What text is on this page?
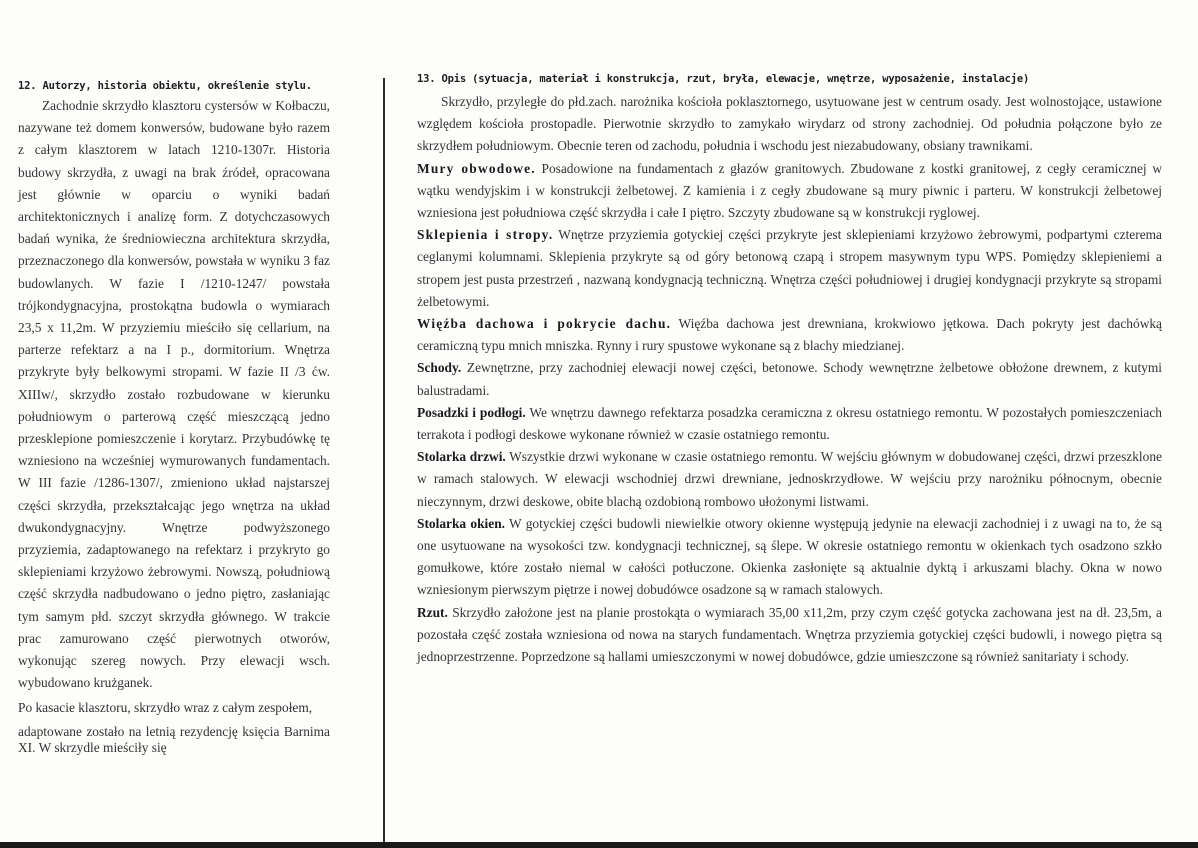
12. Autorzy, historia obiektu, określenie stylu.

Zachodnie skrzydło klasztoru cystersów w Kołbaczu, nazywane też domem konwersów, budowane było razem z całym klasztorem w latach 1210-1307r. Historia budowy skrzydła, z uwagi na brak źródeł, opracowana jest głównie w oparciu o wyniki badań architektonicznych i analizę form. Z dotychczasowych badań wynika, że średniowieczna architektura skrzydła, przeznaczonego dla konwersów, powstała w wyniku 3 faz budowlanych. W fazie I /1210-1247/ powstała trójkondygnacyjna, prostokątna budowla o wymiarach 23,5 x 11,2m. W przyziemiu mieściło się cellarium, na parterze refektarz a na I p., dormitorium. Wnętrza przykryte były belkowymi stropami. W fazie II /3 ćw. XIIIw/, skrzydło zostało rozbudowane w kierunku południowym o parterową część mieszczącą jedno przesklepione pomieszczenie i korytarz. Przybudówkę tę wzniesiono na wcześniej wymurowanych fundamentach. W III fazie /1286-1307/, zmieniono układ najstarszej części skrzydła, przekształcając jego wnętrza na układ dwukondygnacyjny. Wnętrze podwyższonego przyziemia, zadaptowanego na refektarz i przykryto go sklepieniami krzyżowo żebrowymi. Nowszą, południową część skrzydła nadbudowano o jedno piętro, zasłaniając tym samym płd. szczyt skrzydła głównego. W trakcie prac zamurowano część pierwotnych otworów, wykonując szereg nowych. Przy elewacji wsch. wybudowano krużganek.

Po kasacie klasztoru, skrzydło wraz z całym zespołem,

adaptowane zostało na letnią rezydencję księcia Barnima XI. W skrzydle mieściły się

13. Opis (sytuacja, materiał i konstrukcja, rzut, bryła, elewacje, wnętrze, wyposażenie, instalacje)

Skrzydło, przyległe do płd.zach. narożnika kościoła poklasztornego, usytuowane jest w centrum osady. Jest wolnostojące, ustawione względem kościoła prostopadle. Pierwotnie skrzydło to zamykało wirydarz od strony zachodniej. Od południa połączone było ze skrzydłem południowym. Obecnie teren od zachodu, południa i wschodu jest niezabudowany, obsiany trawnikami.

Mury obwodowe. Posadowione na fundamentach z głazów granitowych. Zbudowane z kostki granitowej, z cegły ceramicznej w wątku wendyjskim i w konstrukcji żelbetowej. Z kamienia i z cegły zbudowane są mury piwnic i parteru. W konstrukcji żelbetowej wzniesiona jest południowa część skrzydła i całe I piętro. Szczyty zbudowane są w konstrukcji ryglowej.

Sklepienia i stropy. Wnętrze przyziemia gotyckiej części przykryte jest sklepieniami krzyżowo żebrowymi, podpartymi czterema ceglanymi kolumnami. Sklepienia przykryte są od góry betonową czapą i stropem masywnym typu WPS. Pomiędzy sklepieniemi a stropem jest pusta przestrzeń , nazwaną kondygnacją techniczną. Wnętrza części południowej i drugiej kondygnacji przykryte są stropami żelbetowymi.

Więźba dachowa i pokrycie dachu. Więźba dachowa jest drewniana, krokwiowo jętkowa. Dach pokryty jest dachówką ceramiczną typu mnich mniszka. Rynny i rury spustowe wykonane są z blachy miedzianej.

Schody. Zewnętrzne, przy zachodniej elewacji nowej części, betonowe. Schody wewnętrzne żelbetowe obłożone drewnem, z kutymi balustradami.

Posadzki i podłogi. We wnętrzu dawnego refektarza posadzka ceramiczna z okresu ostatniego remontu. W pozostałych pomieszczeniach terrakota i podłogi deskowe wykonane również w czasie ostatniego remontu.

Stolarka drzwi. Wszystkie drzwi wykonane w czasie ostatniego remontu. W wejściu głównym w dobudowanej części, drzwi przeszklone w ramach stalowych. W elewacji wschodniej drzwi drewniane, jednoskrzydłowe. W wejściu przy narożniku północnym, obecnie nieczynnym, drzwi deskowe, obite blachą ozdobioną rombowo ułożonymi listwami.

Stolarka okien. W gotyckiej części budowli niewielkie otwory okienne występują jedynie na elewacji zachodniej i z uwagi na to, że są one usytuowane na wysokości tzw. kondygnacji technicznej, są ślepe. W okresie ostatniego remontu w okienkach tych osadzono szkło gomułkowe, które zostało niemal w całości potłuczone. Okienka zasłonięte są aktualnie dyktą i arkuszami blachy. Okna w nowo wzniesionym pierwszym piętrze i nowej dobudówce osadzone są w ramach stalowych.

Rzut. Skrzydło założone jest na planie prostokąta o wymiarach 35,00 x11,2m, przy czym część gotycka zachowana jest na dł. 23,5m, a pozostała część została wzniesiona od nowa na starych fundamentach. Wnętrza przyziemia gotyckiej części budowli, i nowego piętra są jednoprzestrzenne. Poprzedzone są hallami umieszczonymi w nowej dobudówce, gdzie umieszczone są również sanitariaty i schody.
